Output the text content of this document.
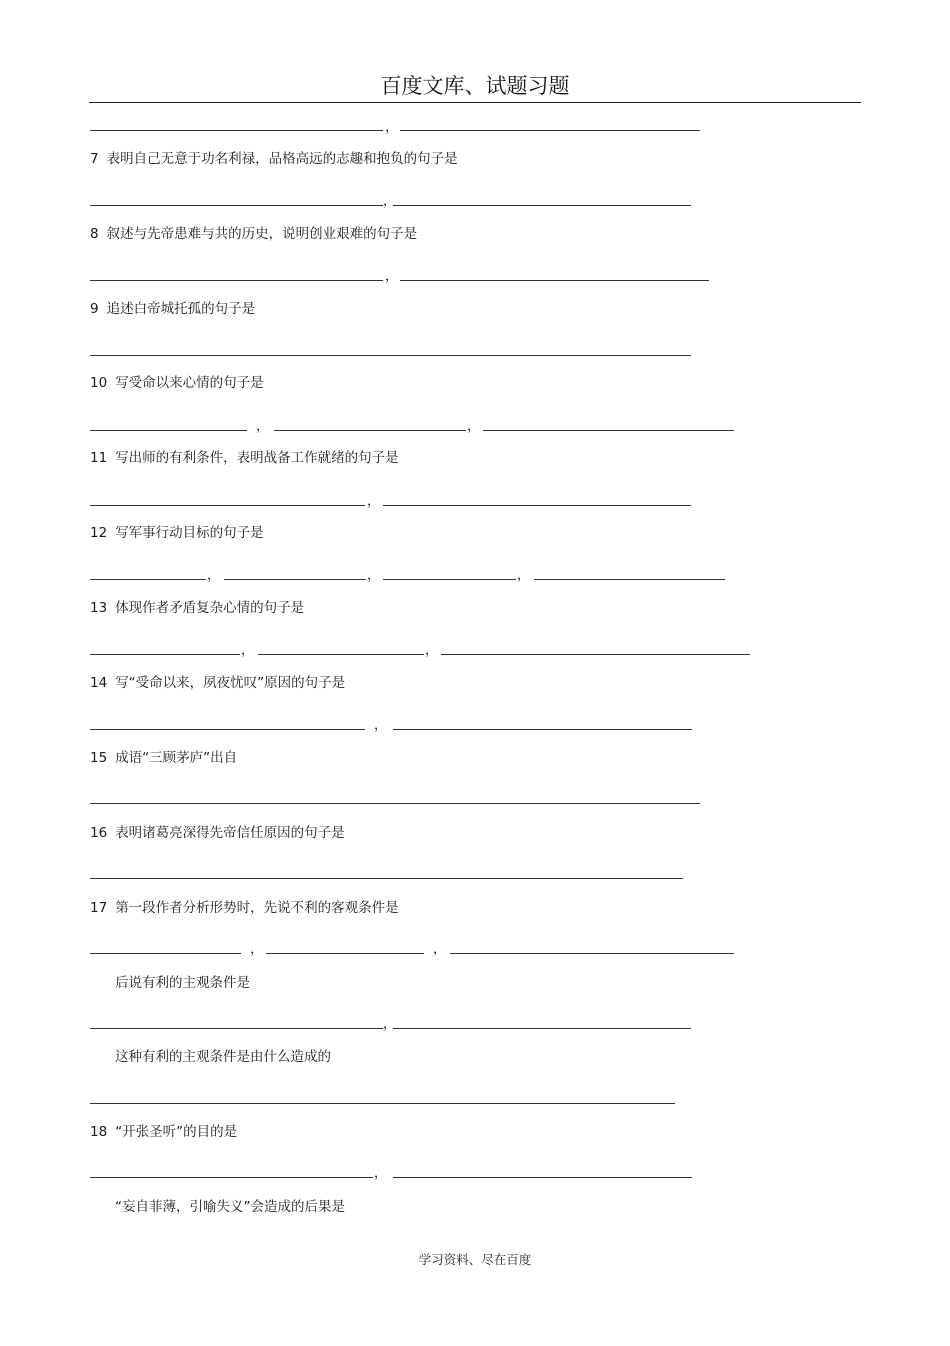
百度文库、试题习题
，
7 表明自己无意于功名利禄，品格高远的志趣和抱负的句子是
，
8 叙述与先帝患难与共的历史，说明创业艰难的句子是
，
9 追述白帝城托孤的句子是
10 写受命以来心情的句子是
，	，
11 写出师的有利条件，表明战备工作就绪的句子是
，
12 写军事行动目标的句子是
，	，	，
13 体现作者矛盾复杂心情的句子是
，	，
14 写“受命以来，夙夜忧叹”原因的句子是
，
15 成语“三顾茅庐”出自
16 表明诸葛亮深得先帝信任原因的句子是
17 第一段作者分析形势时，先说不利的客观条件是
，	，
后说有利的主观条件是
，
这种有利的主观条件是由什么造成的
18 “开张圣听”的目的是
，
“妄自菲薄，引喻失义”会造成的后果是
学习资料、尽在百度
